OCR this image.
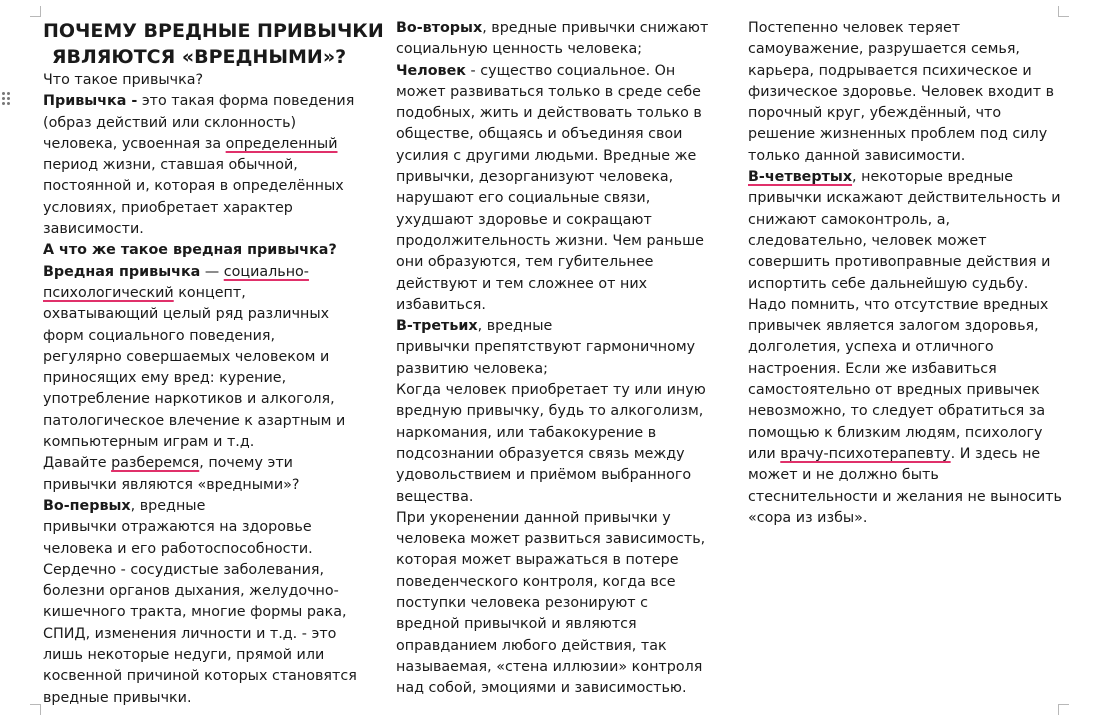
ПОЧЕМУ ВРЕДНЫЕ ПРИВЫЧКИ
ЯВЛЯЮТСЯ «ВРЕДНЫМИ»?
Что такое привычка?
Привычка - это такая форма поведения
(образ действий или склонность)
человека, усвоенная за определенный
период жизни, ставшая обычной,
постоянной и, которая в определённых
условиях, приобретает характер
зависимости.
А что же такое вредная привычка?
Вредная привычка — социально-
психологический концепт,
охватывающий целый ряд различных
форм социального поведения,
регулярно совершаемых человеком и
приносящих ему вред: курение,
употребление наркотиков и алкоголя,
патологическое влечение к азартным и
компьютерным играм и т.д.
Давайте разберемся, почему эти
привычки являются «вредными»?
Во-первых, вредные
привычки отражаются на здоровье
человека и его работоспособности.
Сердечно - сосудистые заболевания,
болезни органов дыхания, желудочно-
кишечного тракта, многие формы рака,
СПИД, изменения личности и т.д. - это
лишь некоторые недуги, прямой или
косвенной причиной которых становятся
вредные привычки.
Во-вторых, вредные привычки снижают
социальную ценность человека;
Человек - существо социальное. Он
может развиваться только в среде себе
подобных, жить и действовать только в
обществе, общаясь и объединяя свои
усилия с другими людьми. Вредные же
привычки, дезорганизуют человека,
нарушают его социальные связи,
ухудшают здоровье и сокращают
продолжительность жизни. Чем раньше
они образуются, тем губительнее
действуют и тем сложнее от них
избавиться.
В-третьих, вредные
привычки препятствуют гармоничному
развитию человека;
Когда человек приобретает ту или иную
вредную привычку, будь то алкоголизм,
наркомания, или табакокурение в
подсознании образуется связь между
удовольствием и приёмом выбранного
вещества.
При укоренении данной привычки у
человека может развиться зависимость,
которая может выражаться в потере
поведенческого контроля, когда все
поступки человека резонируют с
вредной привычкой и являются
оправданием любого действия, так
называемая, «стена иллюзии» контроля
над собой, эмоциями и зависимостью.
Постепенно человек теряет
самоуважение, разрушается семья,
карьера, подрывается психическое и
физическое здоровье. Человек входит в
порочный круг, убеждённый, что
решение жизненных проблем под силу
только данной зависимости.
В-четвертых, некоторые вредные
привычки искажают действительность и
снижают самоконтроль, а,
следовательно, человек может
совершить противоправные действия и
испортить себе дальнейшую судьбу.
Надо помнить, что отсутствие вредных
привычек является залогом здоровья,
долголетия, успеха и отличного
настроения. Если же избавиться
самостоятельно от вредных привычек
невозможно, то следует обратиться за
помощью к близким людям, психологу
или врачу-психотерапевту. И здесь не
может и не должно быть
стеснительности и желания не выносить
«сора из избы».
